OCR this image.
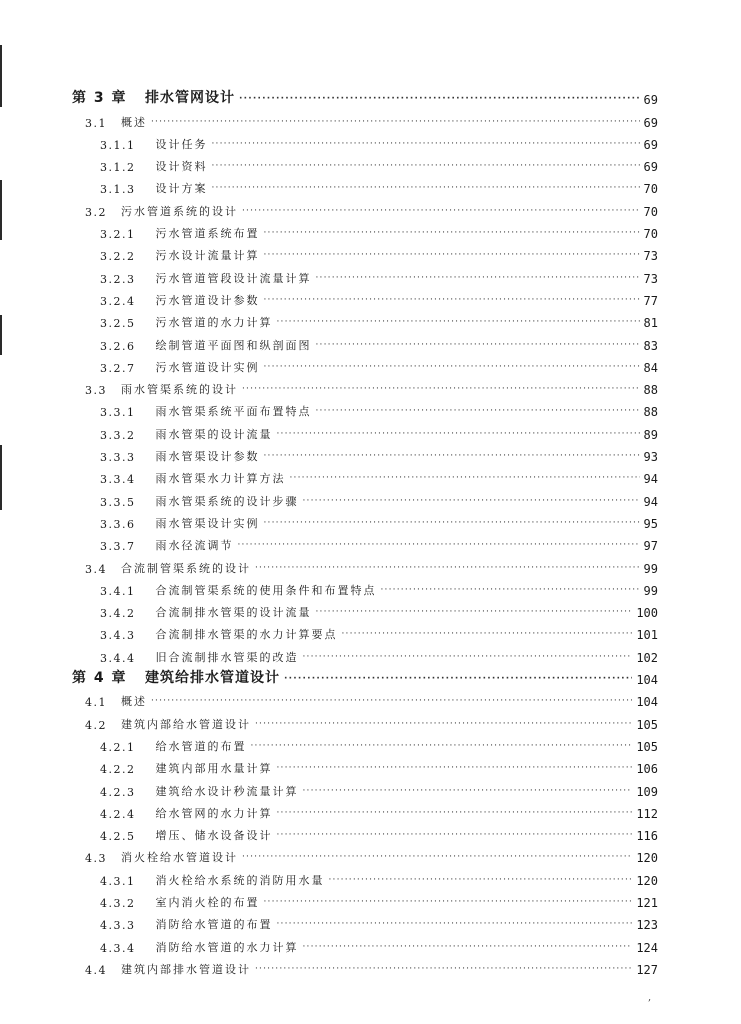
第 3 章 排水管网设计 ·····	69
3.1 概述 ·····	69
3.1.1 设计任务 ·····	69
3.1.2 设计资料 ·····	69
3.1.3 设计方案 ·····	70
3.2 污水管道系统的设计 ·····	70
3.2.1 污水管道系统布置 ·····	70
3.2.2 污水设计流量计算 ·····	73
3.2.3 污水管道管段设计流量计算 ·····	73
3.2.4 污水管道设计参数 ·····	77
3.2.5 污水管道的水力计算 ·····	81
3.2.6 绘制管道平面图和纵剖面图 ·····	83
3.2.7 污水管道设计实例 ·····	84
3.3 雨水管渠系统的设计 ·····	88
3.3.1 雨水管渠系统平面布置特点 ·····	88
3.3.2 雨水管渠的设计流量 ·····	89
3.3.3 雨水管渠设计参数 ·····	93
3.3.4 雨水管渠水力计算方法 ·····	94
3.3.5 雨水管渠系统的设计步骤 ·····	94
3.3.6 雨水管渠设计实例 ·····	95
3.3.7 雨水径流调节 ·····	97
3.4 合流制管渠系统的设计 ·····	99
3.4.1 合流制管渠系统的使用条件和布置特点 ·····	99
3.4.2 合流制排水管渠的设计流量 ·····	100
3.4.3 合流制排水管渠的水力计算要点 ·····	101
3.4.4 旧合流制排水管渠的改造 ·····	102
第 4 章 建筑给排水管道设计 ·····	104
4.1 概述 ·····	104
4.2 建筑内部给水管道设计 ·····	105
4.2.1 给水管道的布置 ·····	105
4.2.2 建筑内部用水量计算 ·····	106
4.2.3 建筑给水设计秒流量计算 ·····	109
4.2.4 给水管网的水力计算 ·····	112
4.2.5 增压、储水设备设计 ·····	116
4.3 消火栓给水管道设计 ·····	120
4.3.1 消火栓给水系统的消防用水量 ·····	120
4.3.2 室内消火栓的布置 ·····	121
4.3.3 消防给水管道的布置 ·····	123
4.3.4 消防给水管道的水力计算 ·····	124
4.4 建筑内部排水管道设计 ·····	127
,
